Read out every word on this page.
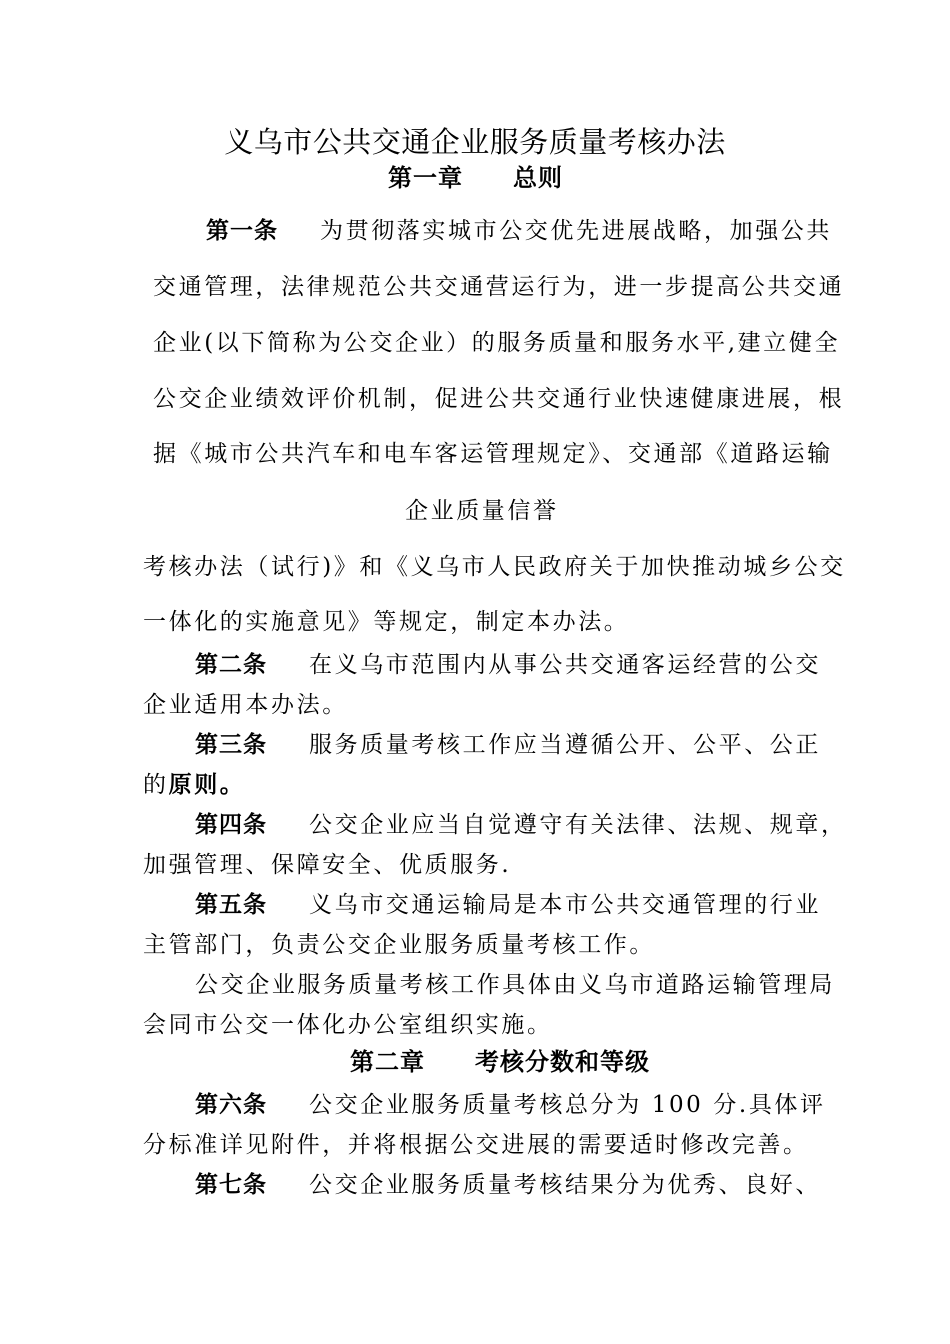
义乌市公共交通企业服务质量考核办法
第一章 总则
第一条 为贯彻落实城市公交优先进展战略，加强公共
交通管理，法律规范公共交通营运行为，进一步提高公共交通
企业(以下简称为公交企业）的服务质量和服务水平,建立健全
公交企业绩效评价机制，促进公共交通行业快速健康进展，根
据《城市公共汽车和电车客运管理规定》、交通部《道路运输
企业质量信誉
考核办法（试行)》和《义乌市人民政府关于加快推动城乡公交
一体化的实施意见》等规定，制定本办法。
第二条 在义乌市范围内从事公共交通客运经营的公交
企业适用本办法。
第三条 服务质量考核工作应当遵循公开、公平、公正
的原则。
第四条 公交企业应当自觉遵守有关法律、法规、规章，
加强管理、保障安全、优质服务.
第五条 义乌市交通运输局是本市公共交通管理的行业
主管部门，负责公交企业服务质量考核工作。
公交企业服务质量考核工作具体由义乌市道路运输管理局
会同市公交一体化办公室组织实施。
第二章 考核分数和等级
第六条 公交企业服务质量考核总分为 100 分.具体评
分标准详见附件，并将根据公交进展的需要适时修改完善。
第七条 公交企业服务质量考核结果分为优秀、良好、
